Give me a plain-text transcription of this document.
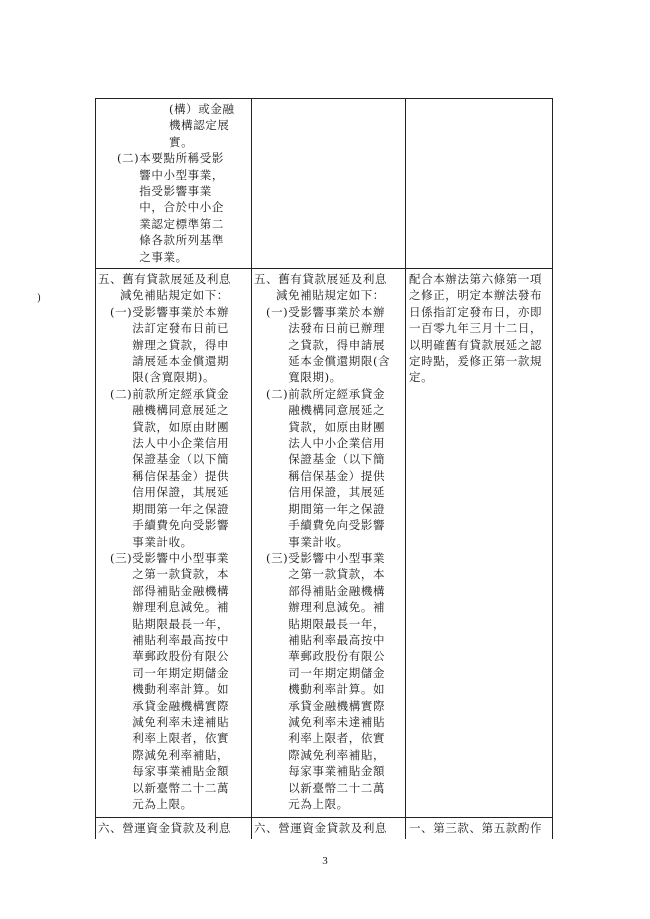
)

(構）或金融

機構認定展

實。

(二) 本要點所稱受影

響中小型事業，

指受影響事業

中，合於中小企

業認定標準第二

條各款所列基準

之事業。

五、舊有貸款展延及利息

減免補貼規定如下：

(一) 受影響事業於本辦

法訂定發布日前已

辦理之貸款，得申

請展延本金償還期

限(含寬限期)。

(二) 前款所定經承貸金

融機構同意展延之

貸款，如原由財團

法人中小企業信用

保證基金（以下簡

稱信保基金）提供

信用保證，其展延

期間第一年之保證

手續費免向受影響

事業計收。

(三) 受影響中小型事業

之第一款貸款，本

部得補貼金融機構

辦理利息減免。補

貼期限最長一年，

補貼利率最高按中

華郵政股份有限公

司一年期定期儲金

機動利率計算。如

承貸金融機構實際

減免利率未達補貼

利率上限者，依實

際減免利率補貼，

每家事業補貼金額

以新臺幣二十二萬

元為上限。

五、舊有貸款展延及利息

減免補貼規定如下：

(一) 受影響事業於本辦

法發布日前已辦理

之貸款，得申請展

延本金償還期限(含

寬限期)。

(二) 前款所定經承貸金

融機構同意展延之

貸款，如原由財團

法人中小企業信用

保證基金（以下簡

稱信保基金）提供

信用保證，其展延

期間第一年之保證

手續費免向受影響

事業計收。

(三) 受影響中小型事業

之第一款貸款，本

部得補貼金融機構

辦理利息減免。補

貼期限最長一年，

補貼利率最高按中

華郵政股份有限公

司一年期定期儲金

機動利率計算。如

承貸金融機構實際

減免利率未達補貼

利率上限者，依實

際減免利率補貼，

每家事業補貼金額

以新臺幣二十二萬

元為上限。

配合本辦法第六條第一項

之修正，明定本辦法發布

日係指訂定發布日，亦即

一百零九年三月十二日，

以明確舊有貸款展延之認

定時點，爰修正第一款規

定。

六、營運資金貸款及利息	六、營運資金貸款及利息	一、第三款、第五款酌作

3
